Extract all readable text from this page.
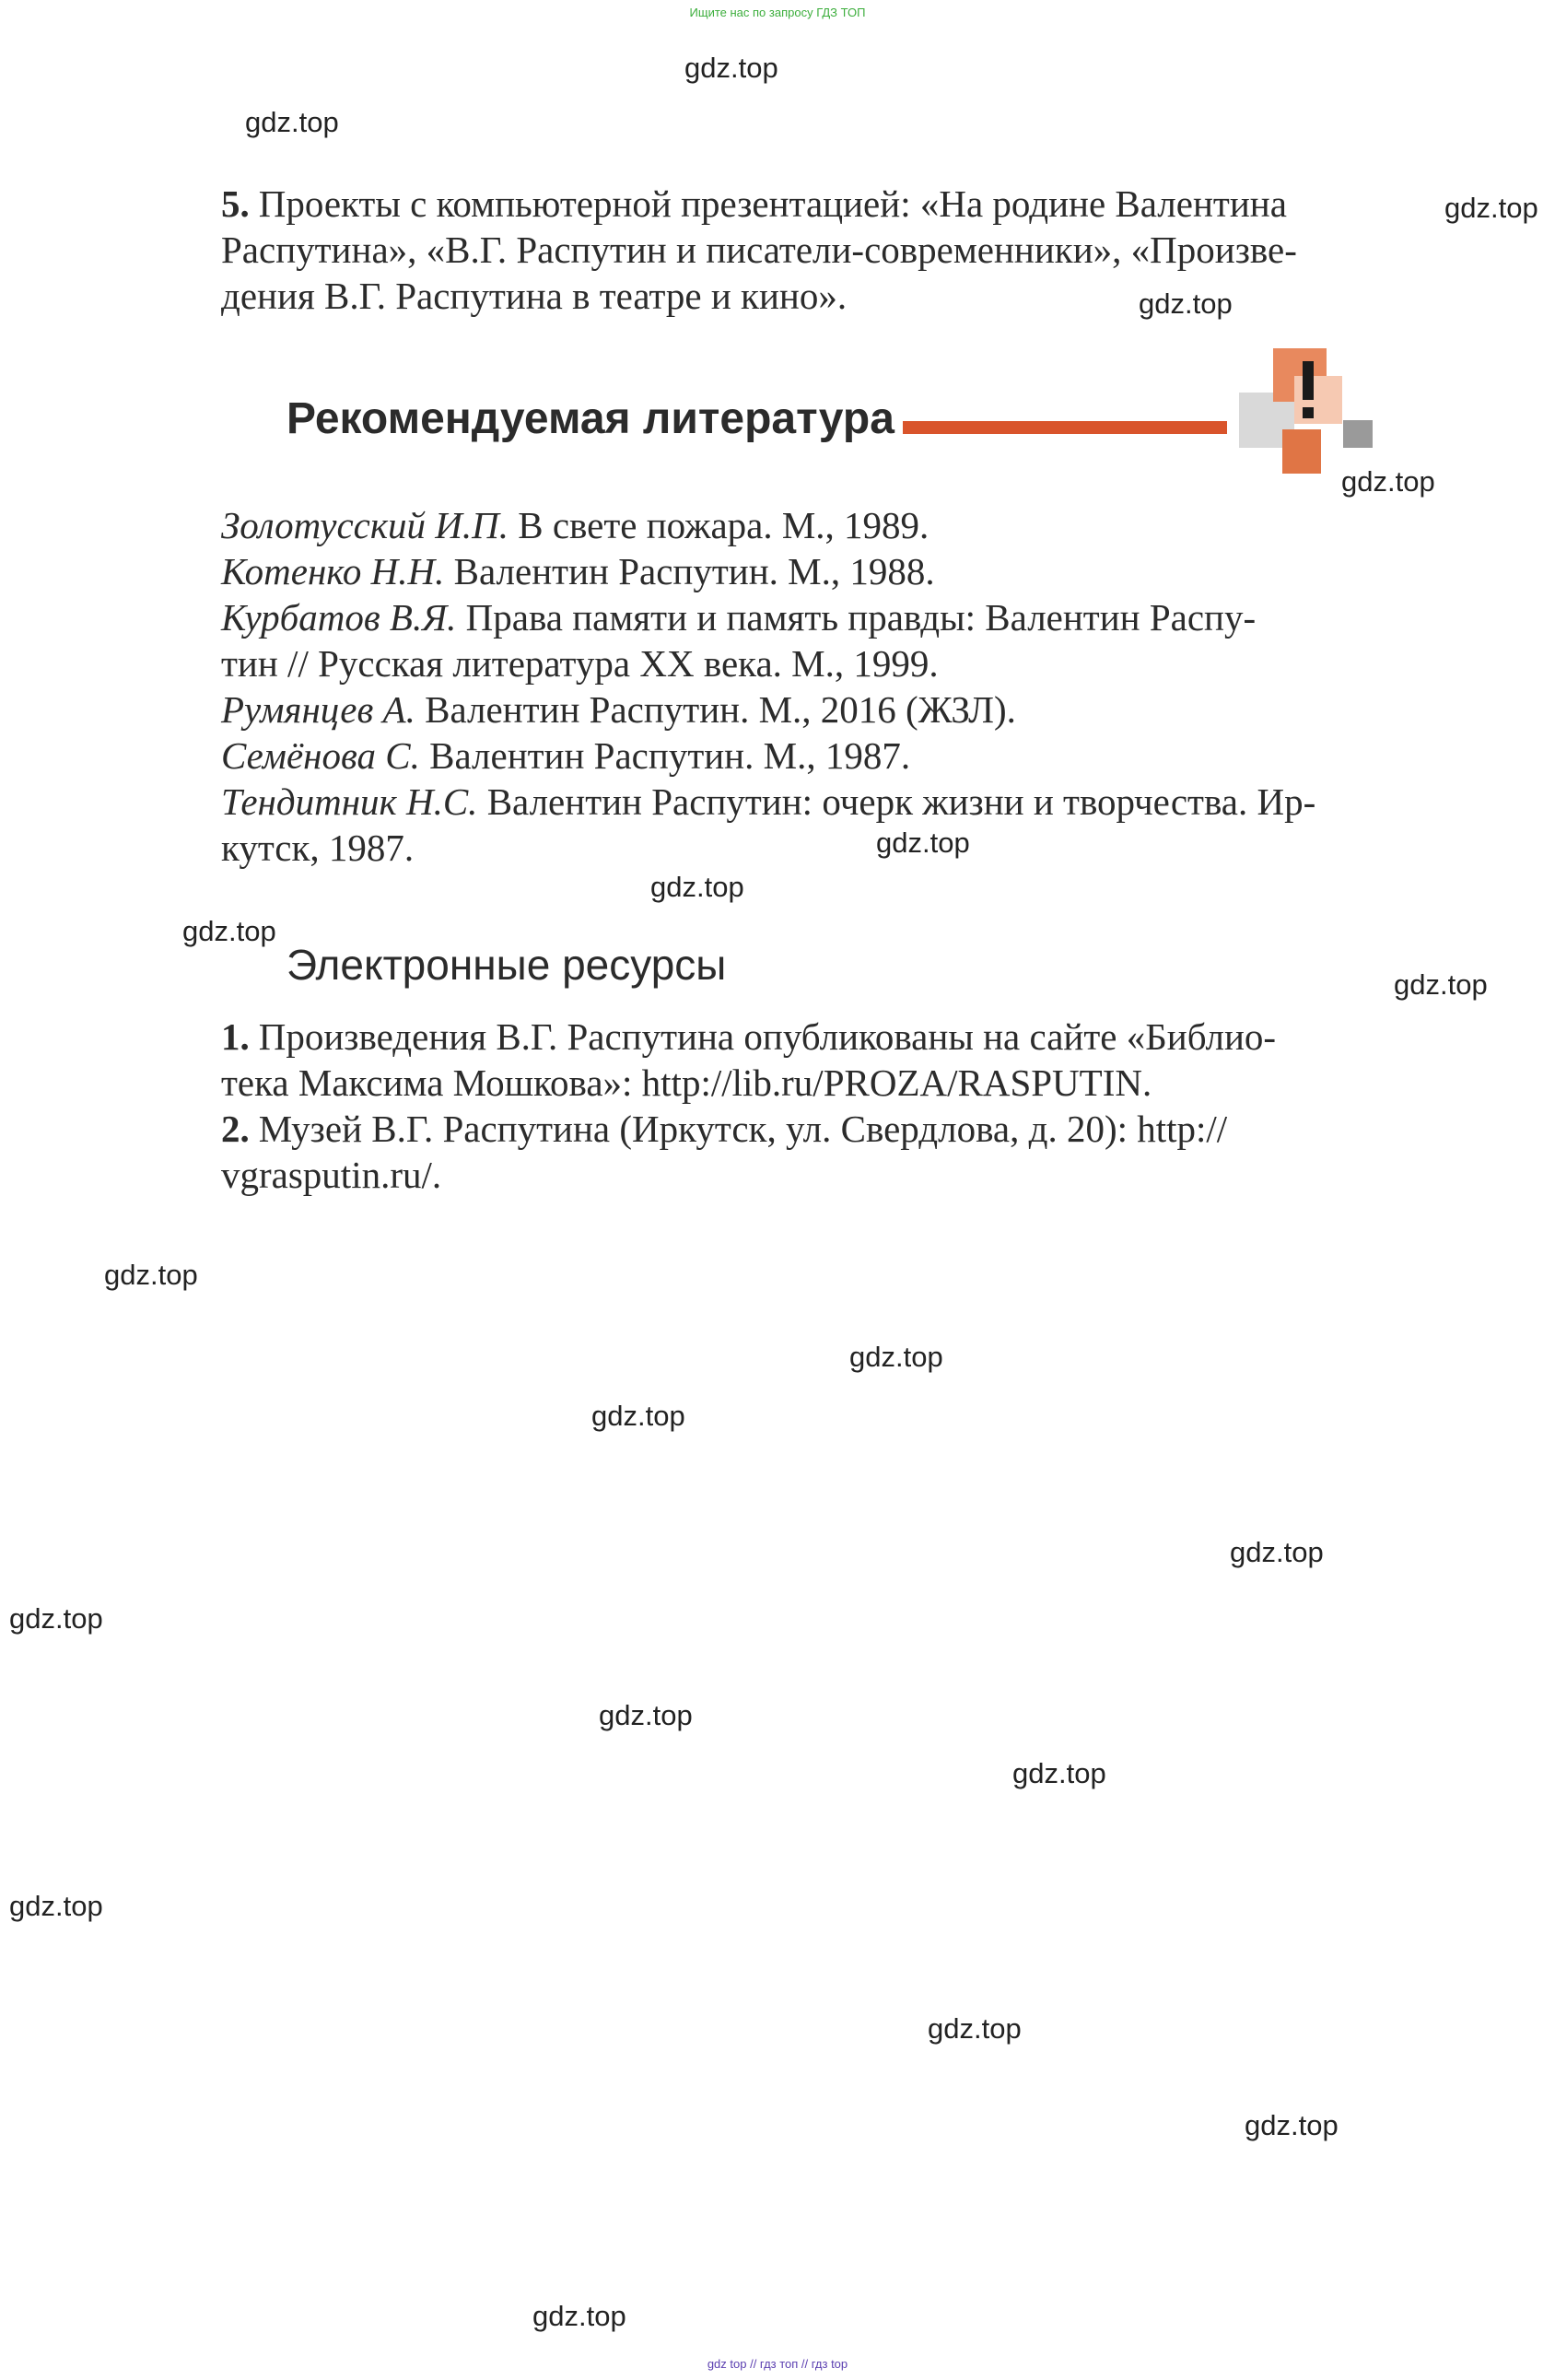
Ищите нас по запросу ГДЗ ТОП
5. Проекты с компьютерной презентацией: «На родине Валентина
Распутина», «В.Г. Распутин и писатели-современники», «Произве-
дения В.Г. Распутина в театре и кино».
Рекомендуемая литература
Золотусский И.П. В свете пожара. М., 1989.
Котенко Н.Н. Валентин Распутин. М., 1988.
Курбатов В.Я. Права памяти и память правды: Валентин Распу-
тин // Русская литература XX века. М., 1999.
Румянцев А. Валентин Распутин. М., 2016 (ЖЗЛ).
Семёнова С. Валентин Распутин. М., 1987.
Тендитник Н.С. Валентин Распутин: очерк жизни и творчества. Ир-
кутск, 1987.
Электронные ресурсы
1. Произведения В.Г. Распутина опубликованы на сайте «Библио-
тека Максима Мошкова»: http://lib.ru/PROZA/RASPUTIN.
2. Музей В.Г. Распутина (Иркутск, ул. Свердлова, д. 20): http://
vgrasputin.ru/.
gdz.top
gdz.top
gdz.top
gdz.top
gdz.top
gdz.top
gdz.top
gdz.top
gdz.top
gdz.top
gdz.top
gdz.top
gdz.top
gdz.top
gdz.top
gdz.top
gdz.top
gdz.top
gdz.top
gdz.top
gdz top // гдз топ // гдз top
